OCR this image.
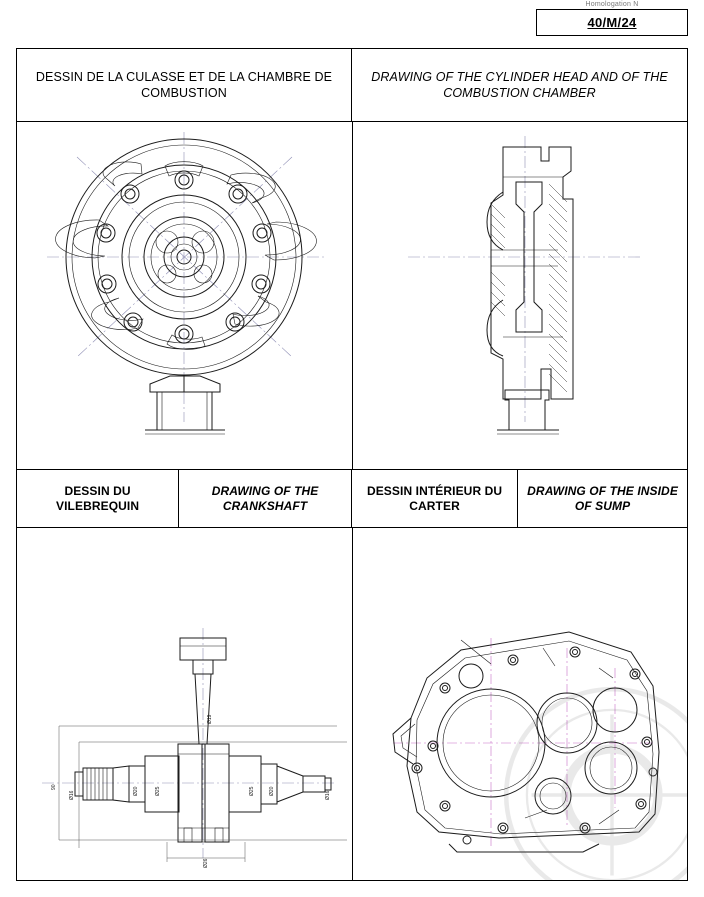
Homologation N
40/M/24
DESSIN DE LA CULASSE ET DE LA CHAMBRE DE COMBUSTION
DRAWING OF THE CYLINDER HEAD AND OF THE COMBUSTION CHAMBER
DESSIN DU VILEBREQUIN
DRAWING OF THE CRANKSHAFT
DESSIN INTÉRIEUR DU CARTER
DRAWING OF THE INSIDE OF SUMP
90
Ø16	Ø20	Ø25
Ø19
Ø25	Ø20	Ø16
Ø26
